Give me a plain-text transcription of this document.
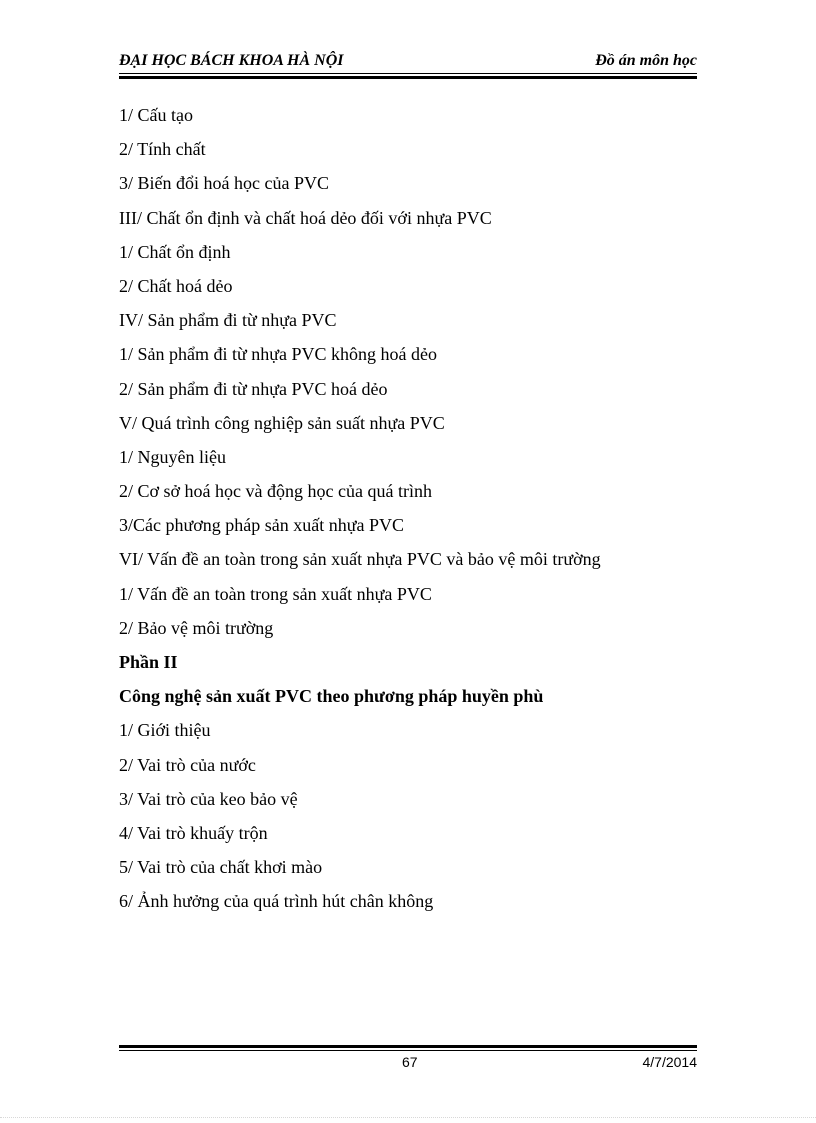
ĐẠI HỌC BÁCH KHOA HÀ NỘI	Đồ án môn học
1/ Cấu tạo
2/ Tính chất
3/ Biến đổi hoá học của PVC
III/ Chất ổn định và chất hoá dẻo đối với nhựa PVC
1/ Chất ổn định
2/ Chất hoá dẻo
IV/ Sản phẩm đi từ nhựa PVC
1/ Sản phẩm đi từ nhựa PVC không hoá dẻo
2/ Sản phẩm đi từ nhựa PVC hoá dẻo
V/ Quá trình công nghiệp sản suất nhựa PVC
1/ Nguyên liệu
2/ Cơ sở hoá học và động học của quá trình
3/Các phương pháp sản xuất nhựa PVC
VI/ Vấn đề an toàn trong sản xuất nhựa PVC và bảo vệ môi trường
1/ Vấn đề an toàn trong sản xuất nhựa PVC
2/ Bảo vệ môi trường
Phần II
Công nghệ sản xuất PVC theo phương pháp huyền phù
1/ Giới thiệu
2/ Vai trò của nước
3/ Vai trò của keo bảo vệ
4/ Vai trò khuấy trộn
5/ Vai trò của chất khơi mào
6/ Ảnh hưởng của quá trình hút chân không
67	4/7/2014
